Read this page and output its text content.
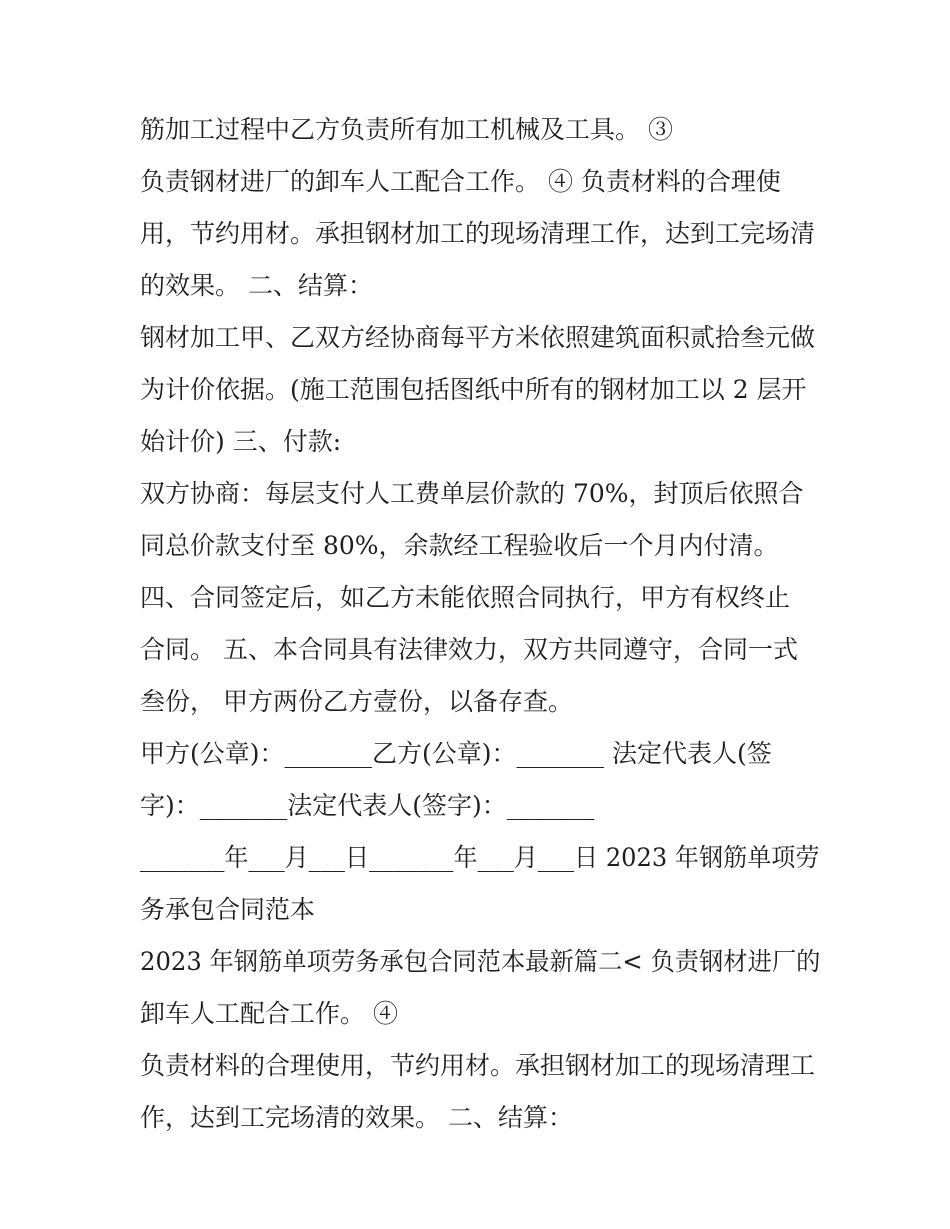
筋加工过程中乙方负责所有加工机械及工具。 ③
负责钢材进厂的卸车人工配合工作。 ④ 负责材料的合理使
用，节约用材。承担钢材加工的现场清理工作，达到工完场清
的效果。 二、结算：
钢材加工甲、乙双方经协商每平方米依照建筑面积贰拾叁元做
为计价依据。(施工范围包括图纸中所有的钢材加工以 2 层开
始计价) 三、付款:
双方协商：每层支付人工费单层价款的 70%，封顶后依照合
同总价款支付至 80%，余款经工程验收后一个月内付清。
四、合同签定后，如乙方未能依照合同执行，甲方有权终止
合同。 五、本合同具有法律效力，双方共同遵守，合同一式
叁份， 甲方两份乙方壹份，以备存查。
甲方(公章)：_______乙方(公章)：_______ 法定代表人(签
字)：_______法定代表人(签字)：_______
_______年___月___日_______年___月___日 2023 年钢筋单项劳
务承包合同范本
2023 年钢筋单项劳务承包合同范本最新篇二< 负责钢材进厂的
卸车人工配合工作。 ④
负责材料的合理使用，节约用材。承担钢材加工的现场清理工
作，达到工完场清的效果。 二、结算：
